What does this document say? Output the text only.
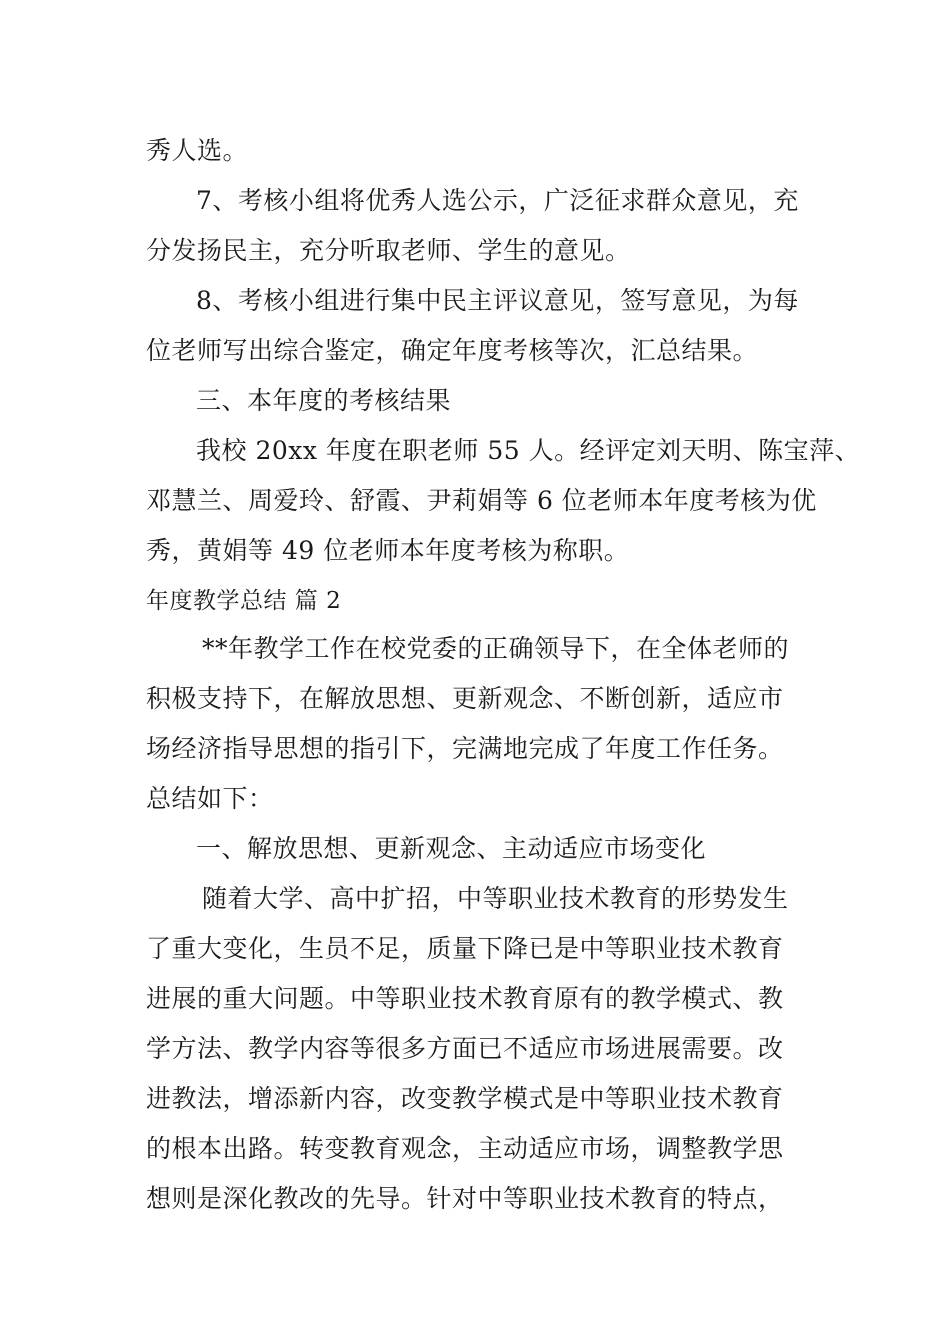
秀人选。
7、考核小组将优秀人选公示，广泛征求群众意见，充
分发扬民主，充分听取老师、学生的意见。
8、考核小组进行集中民主评议意见，签写意见，为每
位老师写出综合鉴定，确定年度考核等次，汇总结果。
三、本年度的考核结果
我校 20xx 年度在职老师 55 人。经评定刘天明、陈宝萍、
邓慧兰、周爱玲、舒霞、尹莉娟等 6 位老师本年度考核为优
秀，黄娟等 49 位老师本年度考核为称职。
年度教学总结 篇 2
**年教学工作在校党委的正确领导下，在全体老师的
积极支持下，在解放思想、更新观念、不断创新，适应市
场经济指导思想的指引下，完满地完成了年度工作任务。
总结如下：
一、解放思想、更新观念、主动适应市场变化
随着大学、高中扩招，中等职业技术教育的形势发生
了重大变化，生员不足，质量下降已是中等职业技术教育
进展的重大问题。中等职业技术教育原有的教学模式、教
学方法、教学内容等很多方面已不适应市场进展需要。改
进教法，增添新内容，改变教学模式是中等职业技术教育
的根本出路。转变教育观念，主动适应市场，调整教学思
想则是深化教改的先导。针对中等职业技术教育的特点，
